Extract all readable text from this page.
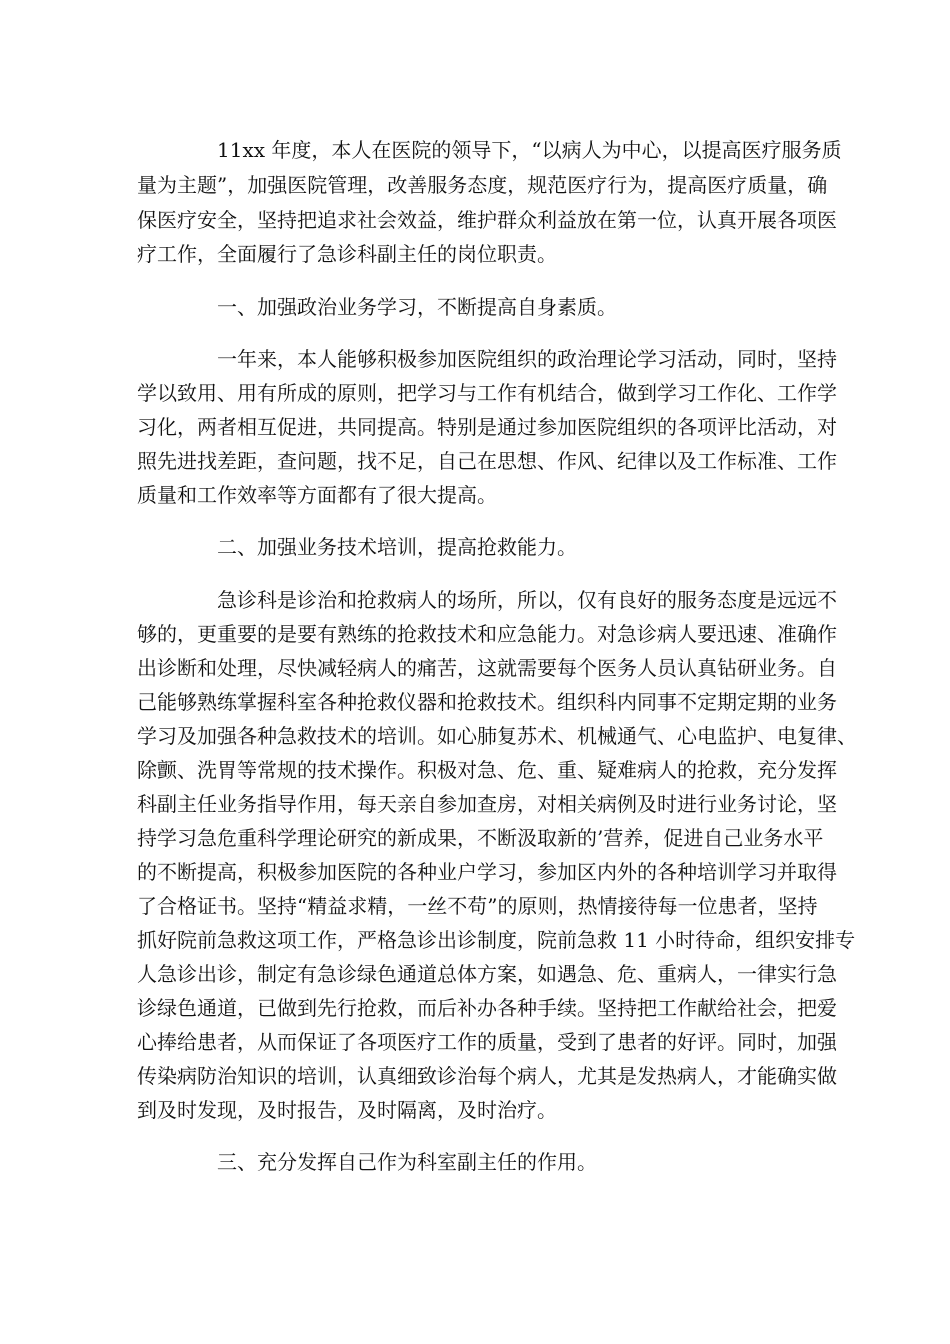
11xx 年度，本人在医院的领导下，“以病人为中心，以提高医疗服务质
量为主题”，加强医院管理，改善服务态度，规范医疗行为，提高医疗质量，确
保医疗安全，坚持把追求社会效益，维护群众利益放在第一位，认真开展各项医
疗工作，全面履行了急诊科副主任的岗位职责。
一、加强政治业务学习，不断提高自身素质。
一年来，本人能够积极参加医院组织的政治理论学习活动，同时，坚持
学以致用、用有所成的原则，把学习与工作有机结合，做到学习工作化、工作学
习化，两者相互促进，共同提高。特别是通过参加医院组织的各项评比活动，对
照先进找差距，查问题，找不足，自己在思想、作风、纪律以及工作标准、工作
质量和工作效率等方面都有了很大提高。
二、加强业务技术培训，提高抢救能力。
急诊科是诊治和抢救病人的场所，所以，仅有良好的服务态度是远远不
够的，更重要的是要有熟练的抢救技术和应急能力。对急诊病人要迅速、准确作
出诊断和处理，尽快减轻病人的痛苦，这就需要每个医务人员认真钻研业务。自
己能够熟练掌握科室各种抢救仪器和抢救技术。组织科内同事不定期定期的业务
学习及加强各种急救技术的培训。如心肺复苏术、机械通气、心电监护、电复律、
除颤、洗胃等常规的技术操作。积极对急、危、重、疑难病人的抢救，充分发挥
科副主任业务指导作用，每天亲自参加查房，对相关病例及时进行业务讨论，坚
持学习急危重科学理论研究的新成果，不断汲取新的’营养，促进自己业务水平
的不断提高，积极参加医院的各种业户学习，参加区内外的各种培训学习并取得
了合格证书。坚持“精益求精，一丝不苟”的原则，热情接待每一位患者，坚持
抓好院前急救这项工作，严格急诊出诊制度，院前急救 11 小时待命，组织安排专
人急诊出诊，制定有急诊绿色通道总体方案，如遇急、危、重病人，一律实行急
诊绿色通道，已做到先行抢救，而后补办各种手续。坚持把工作献给社会，把爱
心捧给患者，从而保证了各项医疗工作的质量，受到了患者的好评。同时，加强
传染病防治知识的培训，认真细致诊治每个病人，尤其是发热病人，才能确实做
到及时发现，及时报告，及时隔离，及时治疗。
三、充分发挥自己作为科室副主任的作用。
